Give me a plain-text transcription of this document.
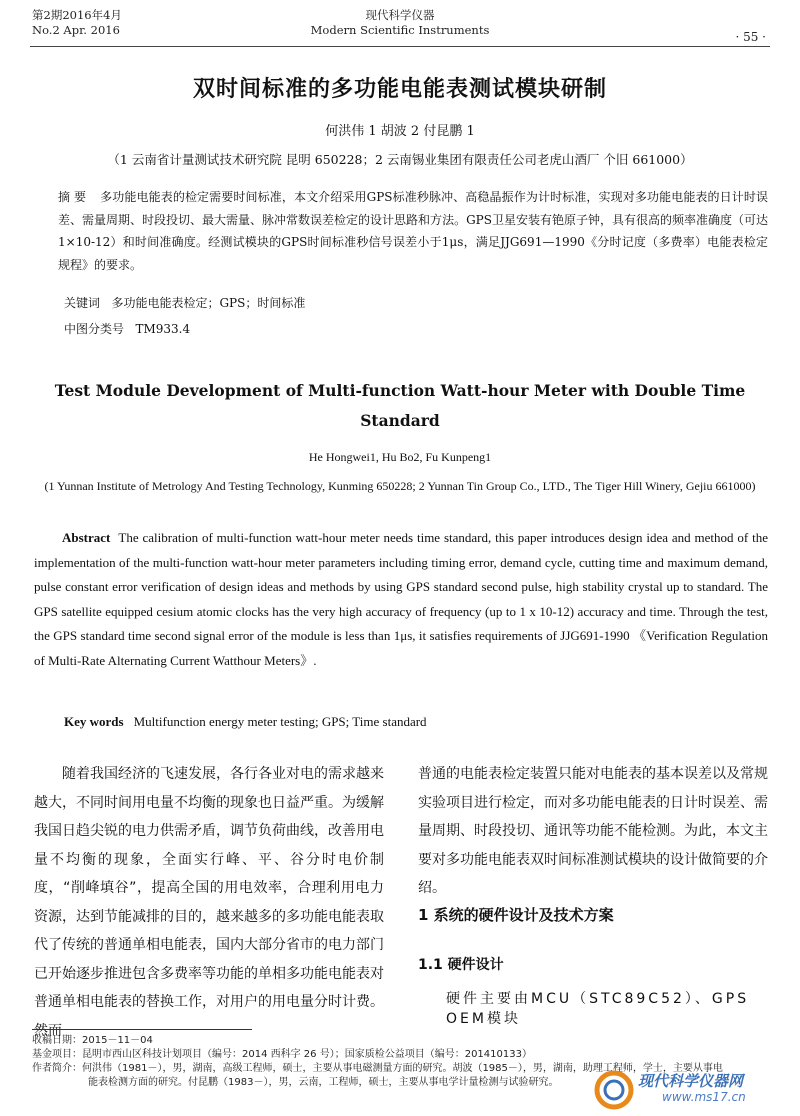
第2期2016年4月
No.2 Apr. 2016
现代科学仪器
Modern Scientific Instruments	· 55 ·
双时间标准的多功能电能表测试模块研制
何洪伟 1 胡波 2 付昆鹏 1
（1 云南省计量测试技术研究院 昆明 650228；2 云南锡业集团有限责任公司老虎山酒厂 个旧 661000）
摘 要 多功能电能表的检定需要时间标准，本文介绍采用GPS标准秒脉冲、高稳晶振作为计时标准，实现对多功能电能表的日计时误差、需量周期、时段投切、最大需量、脉冲常数误差检定的设计思路和方法。GPS卫星安装有铯原子钟，具有很高的频率准确度（可达1×10-12）和时间准确度。经测试模块的GPS时间标准秒信号误差小于1μs，满足JJG691—1990《分时记度（多费率）电能表检定规程》的要求。
关键词 多功能电能表检定；GPS；时间标准
中图分类号 TM933.4
Test Module Development of Multi-function Watt-hour Meter with Double Time Standard
He Hongwei1, Hu Bo2, Fu Kunpeng1
(1 Yunnan Institute of Metrology And Testing Technology, Kunming 650228; 2 Yunnan Tin Group Co., LTD., The Tiger Hill Winery, Gejiu 661000)
Abstract The calibration of multi-function watt-hour meter needs time standard, this paper introduces design idea and method of the implementation of the multi-function watt-hour meter parameters including timing error, demand cycle, cutting time and maximum demand, pulse constant error verification of design ideas and methods by using GPS standard second pulse, high stability crystal up to standard. The GPS satellite equipped cesium atomic clocks has the very high accuracy of frequency (up to 1 x 10-12) accuracy and time. Through the test, the GPS standard time second signal error of the module is less than 1μs, it satisfies requirements of JJG691-1990 《Verification Regulation of Multi-Rate Alternating Current Watthour Meters》.
Key words Multifunction energy meter testing; GPS; Time standard
随着我国经济的飞速发展，各行各业对电的需求越来越大，不同时间用电量不均衡的现象也日益严重。为缓解我国日趋尖锐的电力供需矛盾，调节负荷曲线，改善用电量不均衡的现象，全面实行峰、平、谷分时电价制度，“削峰填谷”，提高全国的用电效率，合理利用电力资源，达到节能减排的目的，越来越多的多功能电能表取代了传统的普通单相电能表，国内大部分省市的电力部门已开始逐步推进包含多费率等功能的单相多功能电能表对普通单相电能表的替换工作，对用户的用电量分时计费。然而
普通的电能表检定装置只能对电能表的基本误差以及常规实验项目进行检定，而对多功能电能表的日计时误差、需量周期、时段投切、通讯等功能不能检测。为此，本文主要对多功能电能表双时间标准测试模块的设计做简要的介绍。
1 系统的硬件设计及技术方案
1.1 硬件设计
硬件主要由MCU（STC89C52）、GPS OEM模块
收稿日期：2015－11－04
基金项目：昆明市西山区科技计划项目（编号：2014 西科字 26 号）；国家质检公益项目（编号：201410133）
作者简介：何洪伟（1981－），男，湖南，高级工程师，硕士，主要从事电磁测量方面的研究。胡波（1985－），男，湖南，助理工程师，学士，主要从事电
能表检测方面的研究。付昆鹏（1983－），男，云南，工程师，硕士，主要从事电学计量检测与试验研究。	现代科学仪器网
www.ms17.cn
